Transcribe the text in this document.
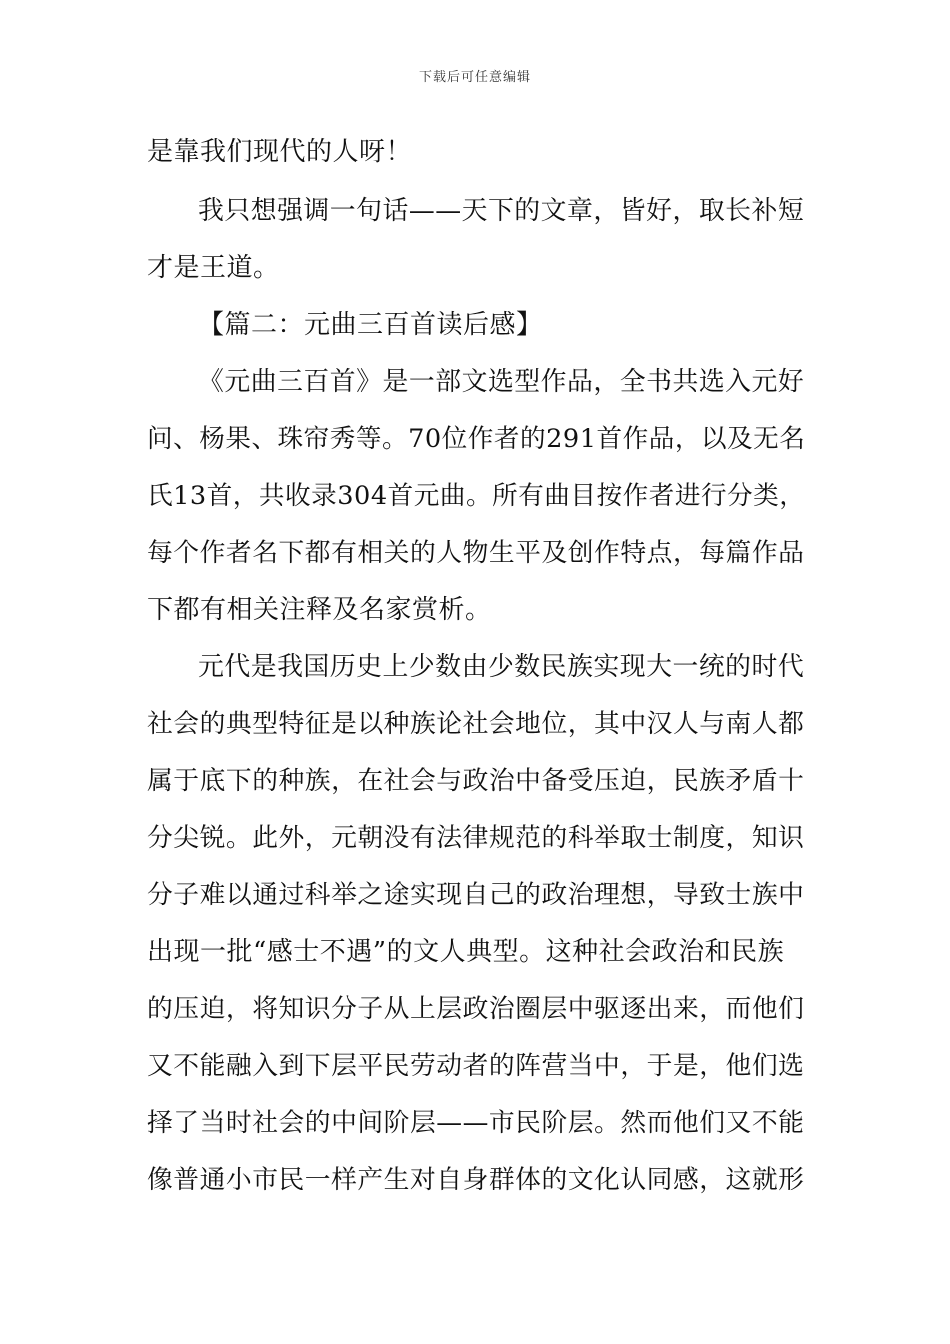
下载后可任意编辑
是靠我们现代的人呀！
我只想强调一句话——天下的文章，皆好，取长补短
才是王道。
【篇二：元曲三百首读后感】
《元曲三百首》是一部文选型作品，全书共选入元好
问、杨果、珠帘秀等。70位作者的291首作品，以及无名
氏13首，共收录304首元曲。所有曲目按作者进行分类，
每个作者名下都有相关的人物生平及创作特点，每篇作品
下都有相关注释及名家赏析。
元代是我国历史上少数由少数民族实现大一统的时代
社会的典型特征是以种族论社会地位，其中汉人与南人都
属于底下的种族，在社会与政治中备受压迫，民族矛盾十
分尖锐。此外，元朝没有法律规范的科举取士制度，知识
分子难以通过科举之途实现自己的政治理想，导致士族中
出现一批“感士不遇”的文人典型。这种社会政治和民族
的压迫，将知识分子从上层政治圈层中驱逐出来，而他们
又不能融入到下层平民劳动者的阵营当中，于是，他们选
择了当时社会的中间阶层——市民阶层。然而他们又不能
像普通小市民一样产生对自身群体的文化认同感，这就形
